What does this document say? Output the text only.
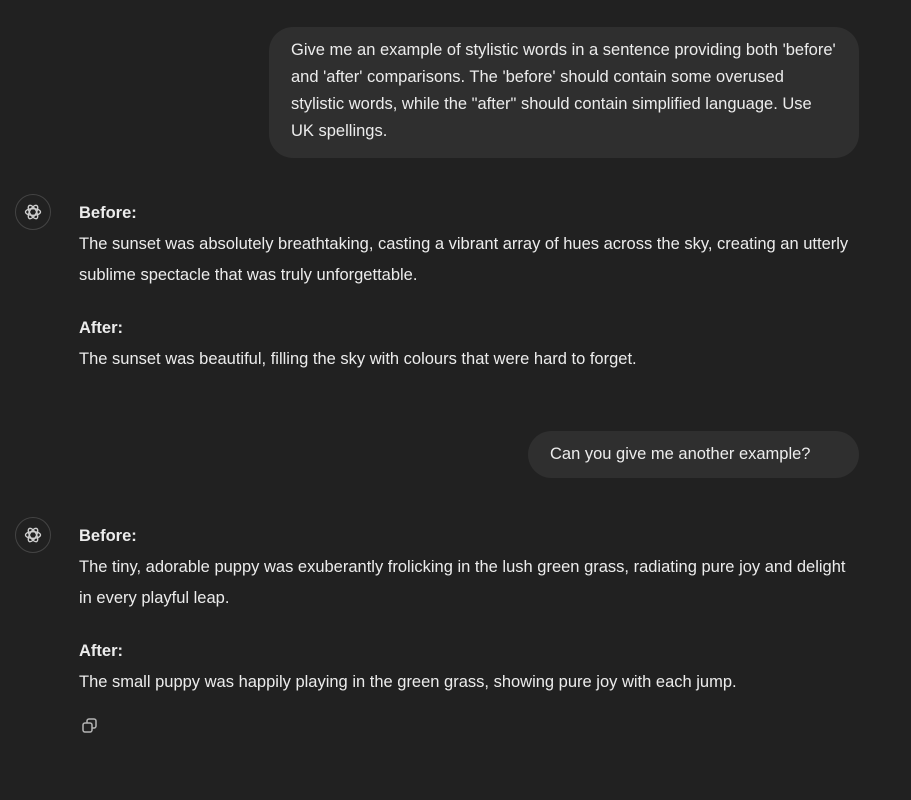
Give me an example of stylistic words in a sentence providing both 'before' and 'after' comparisons. The 'before' should contain some overused stylistic words, while the "after" should contain simplified language. Use UK spellings.

Before:

The sunset was absolutely breathtaking, casting a vibrant array of hues across the sky, creating an utterly sublime spectacle that was truly unforgettable.

After:

The sunset was beautiful, filling the sky with colours that were hard to forget.

Can you give me another example?

Before:

The tiny, adorable puppy was exuberantly frolicking in the lush green grass, radiating pure joy and delight in every playful leap.

After:

The small puppy was happily playing in the green grass, showing pure joy with each jump.
